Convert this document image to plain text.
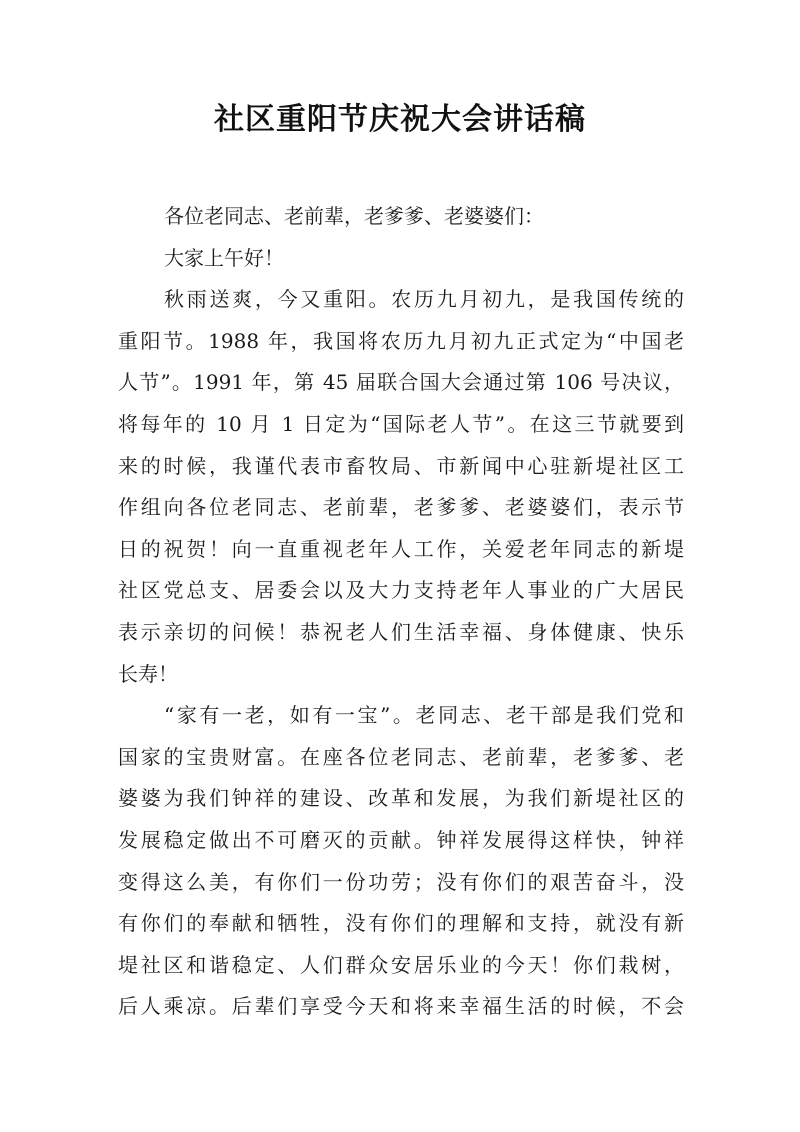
社区重阳节庆祝大会讲话稿
各位老同志、老前辈，老爹爹、老婆婆们：
大家上午好！
秋雨送爽，今又重阳。农历九月初九，是我国传统的
重阳节。1988 年，我国将农历九月初九正式定为“中国老
人节”。1991 年，第 45 届联合国大会通过第 106 号决议，
将每年的 10 月 1 日定为“国际老人节”。在这三节就要到
来的时候，我谨代表市畜牧局、市新闻中心驻新堤社区工
作组向各位老同志、老前辈，老爹爹、老婆婆们，表示节
日的祝贺！向一直重视老年人工作，关爱老年同志的新堤
社区党总支、居委会以及大力支持老年人事业的广大居民
表示亲切的问候！恭祝老人们生活幸福、身体健康、快乐
长寿！
“家有一老，如有一宝”。老同志、老干部是我们党和
国家的宝贵财富。在座各位老同志、老前辈，老爹爹、老
婆婆为我们钟祥的建设、改革和发展，为我们新堤社区的
发展稳定做出不可磨灭的贡献。钟祥发展得这样快，钟祥
变得这么美，有你们一份功劳；没有你们的艰苦奋斗，没
有你们的奉献和牺牲，没有你们的理解和支持，就没有新
堤社区和谐稳定、人们群众安居乐业的今天！你们栽树，
后人乘凉。后辈们享受今天和将来幸福生活的时候，不会
